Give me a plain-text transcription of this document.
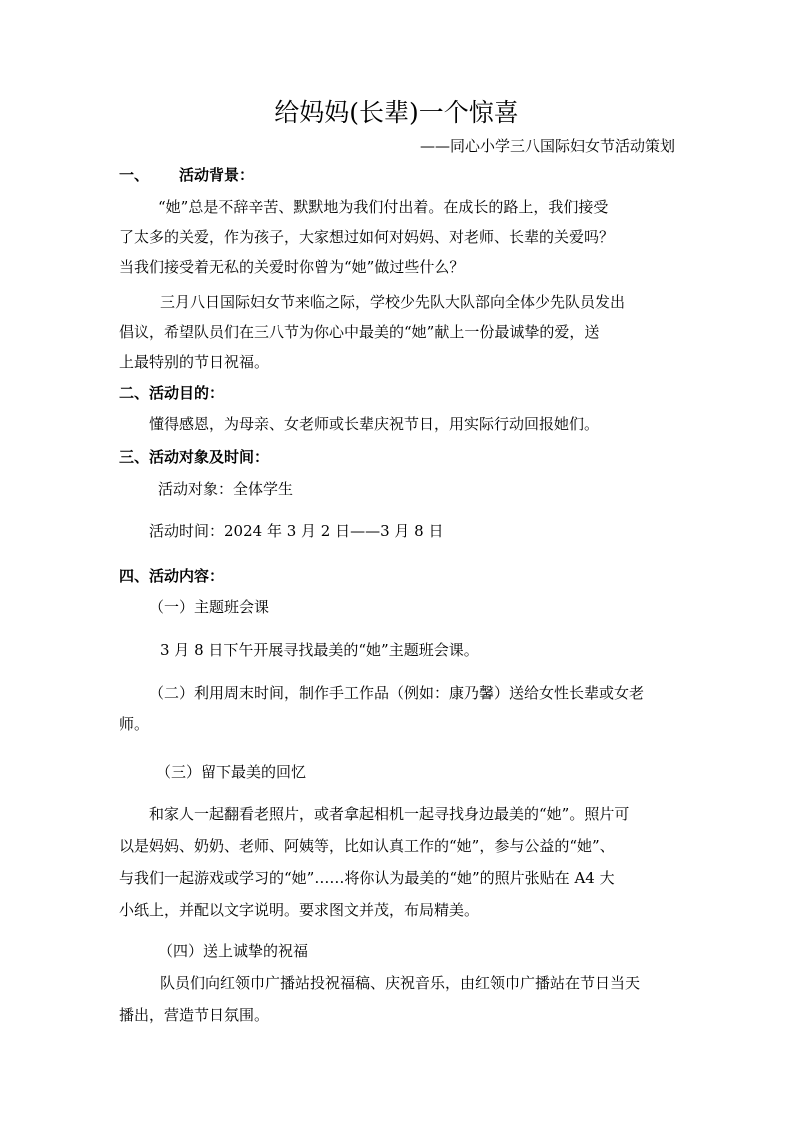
给妈妈(长辈)一个惊喜
——同心小学三八国际妇女节活动策划
一、 活动背景：
“她”总是不辞辛苦、默默地为我们付出着。在成长的路上，我们接受
了太多的关爱，作为孩子，大家想过如何对妈妈、对老师、长辈的关爱吗？
当我们接受着无私的关爱时你曾为“她”做过些什么？
三月八日国际妇女节来临之际，学校少先队大队部向全体少先队员发出
倡议，希望队员们在三八节为你心中最美的“她”献上一份最诚挚的爱，送
上最特别的节日祝福。
二、活动目的：
懂得感恩，为母亲、女老师或长辈庆祝节日，用实际行动回报她们。
三、活动对象及时间：
活动对象：全体学生
活动时间：2024 年 3 月 2 日——3 月 8 日
四、活动内容：
（一）主题班会课
3 月 8 日下午开展寻找最美的“她”主题班会课。
（二）利用周末时间，制作手工作品（例如：康乃馨）送给女性长辈或女老
师。
（三）留下最美的回忆
和家人一起翻看老照片，或者拿起相机一起寻找身边最美的“她”。照片可
以是妈妈、奶奶、老师、阿姨等，比如认真工作的“她”，参与公益的“她”、
与我们一起游戏或学习的“她”……将你认为最美的“她”的照片张贴在 A4 大
小纸上，并配以文字说明。要求图文并茂，布局精美。
（四）送上诚挚的祝福
队员们向红领巾广播站投祝福稿、庆祝音乐，由红领巾广播站在节日当天
播出，营造节日氛围。
